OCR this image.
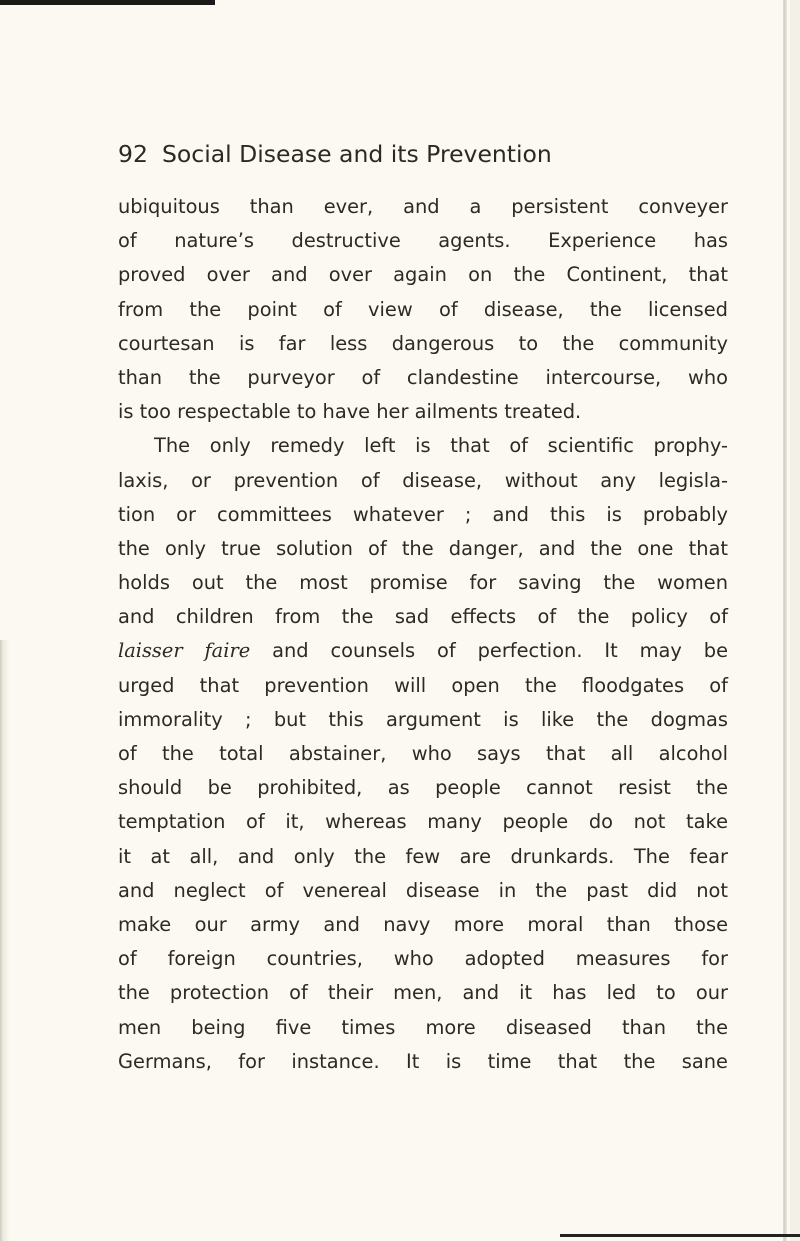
92 Social Disease and its Prevention
ubiquitous than ever, and a persistent conveyer
of nature’s destructive agents. Experience has
proved over and over again on the Continent, that
from the point of view of disease, the licensed
courtesan is far less dangerous to the community
than the purveyor of clandestine intercourse, who
is too respectable to have her ailments treated.
The only remedy left is that of scientific prophy-
laxis, or prevention of disease, without any legisla-
tion or committees whatever ; and this is probably
the only true solution of the danger, and the one that
holds out the most promise for saving the women
and children from the sad effects of the policy of
laisser faire and counsels of perfection. It may be
urged that prevention will open the floodgates of
immorality ; but this argument is like the dogmas
of the total abstainer, who says that all alcohol
should be prohibited, as people cannot resist the
temptation of it, whereas many people do not take
it at all, and only the few are drunkards. The fear
and neglect of venereal disease in the past did not
make our army and navy more moral than those
of foreign countries, who adopted measures for
the protection of their men, and it has led to our
men being five times more diseased than the
Germans, for instance. It is time that the sane
